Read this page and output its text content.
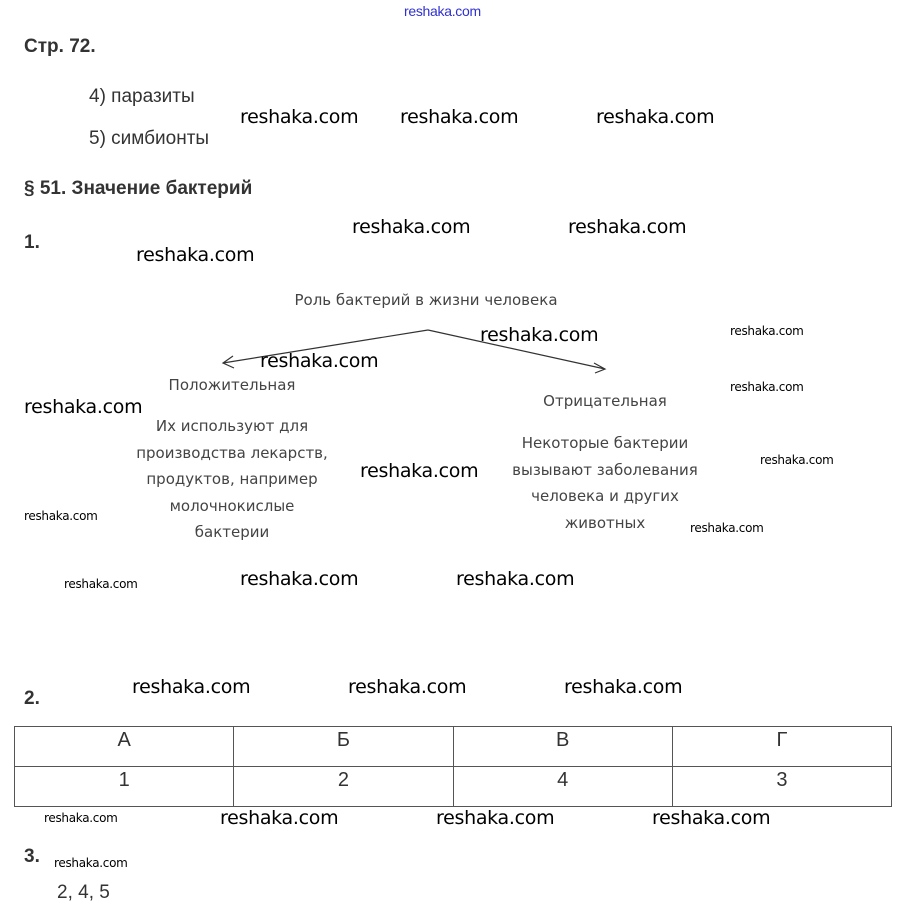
reshaka.com
Стр. 72.
4) паразиты
5) симбионты
§ 51. Значение бактерий
1.
Роль бактерий в жизни человека
Положительная
Их используют для
производства лекарств,
продуктов, например
молочнокислые
бактерии
Отрицательная
Некоторые бактерии
вызывают заболевания
человека и других
животных
2.
А	Б	В	Г
1	2	4	3
3.
2, 4, 5
reshaka.com reshaka.com	reshaka.com
reshaka.com	reshaka.com
reshaka.com
reshaka.com
reshaka.com
reshaka.com
reshaka.com
reshaka.com	reshaka.com
reshaka.com	reshaka.com	reshaka.com
reshaka.com	reshaka.com	reshaka.com
reshaka.com
reshaka.com
reshaka.com
reshaka.com
reshaka.com
reshaka.com
reshaka.com
reshaka.com
